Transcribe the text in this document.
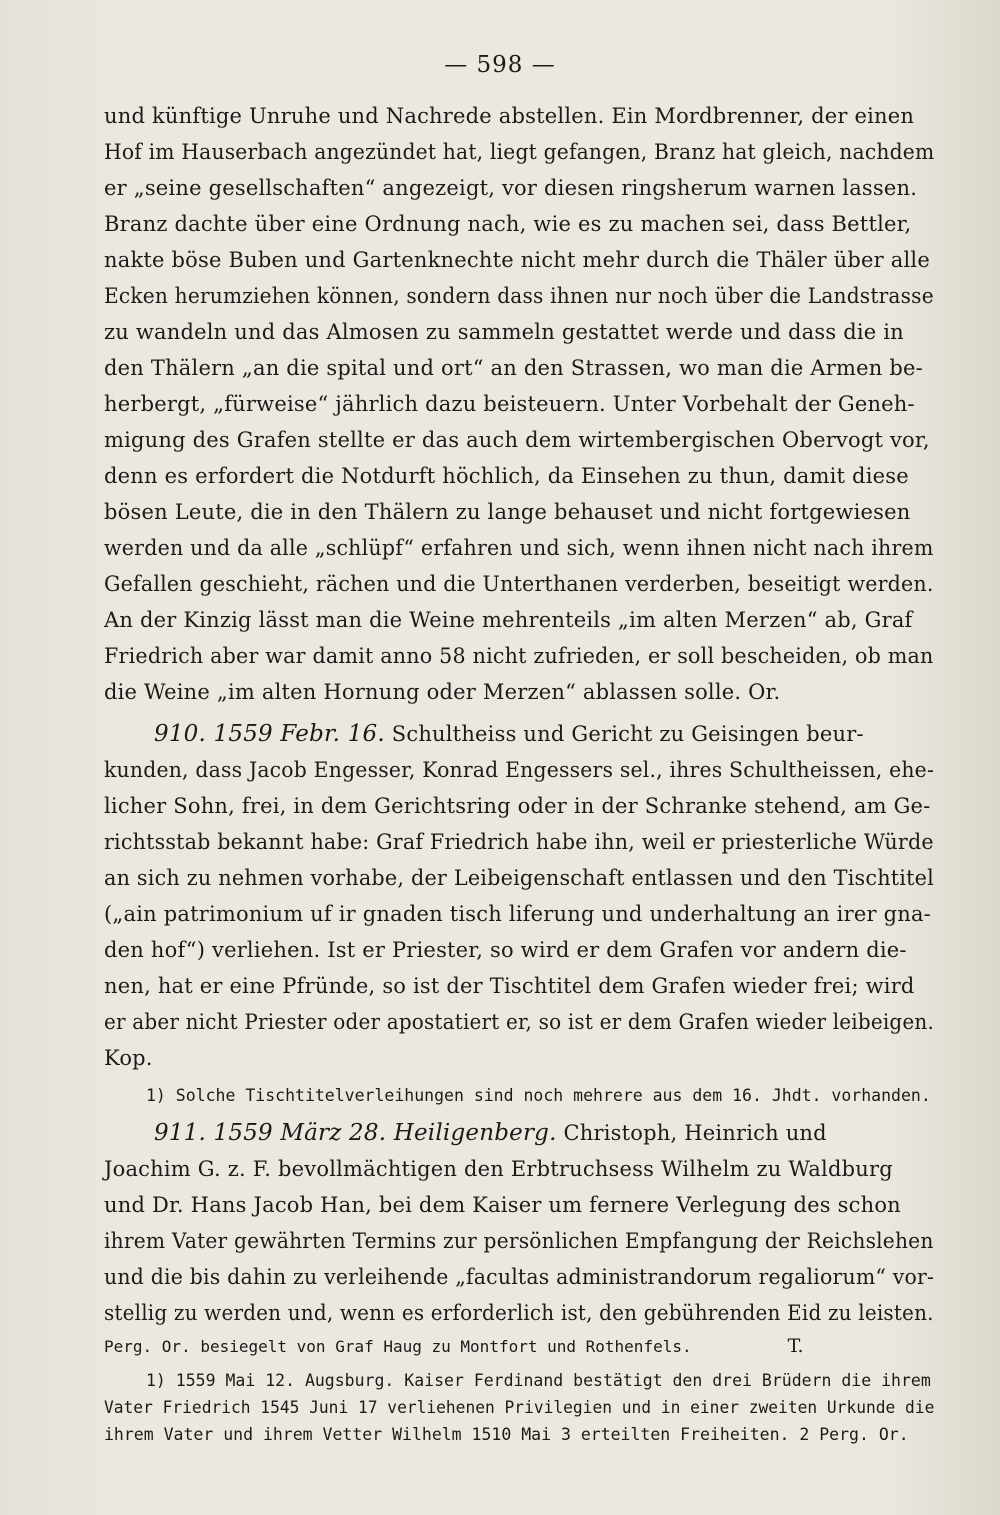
— 598 —
und künftige Unruhe und Nachrede abstellen. Ein Mordbrenner, der einen
Hof im Hauserbach angezündet hat, liegt gefangen, Branz hat gleich, nachdem
er „seine gesellschaften“ angezeigt, vor diesen ringsherum warnen lassen.
Branz dachte über eine Ordnung nach, wie es zu machen sei, dass Bettler,
nakte böse Buben und Gartenknechte nicht mehr durch die Thäler über alle
Ecken herumziehen können, sondern dass ihnen nur noch über die Landstrasse
zu wandeln und das Almosen zu sammeln gestattet werde und dass die in
den Thälern „an die spital und ort“ an den Strassen, wo man die Armen be-
herbergt, „fürweise“ jährlich dazu beisteuern. Unter Vorbehalt der Geneh-
migung des Grafen stellte er das auch dem wirtembergischen Obervogt vor,
denn es erfordert die Notdurft höchlich, da Einsehen zu thun, damit diese
bösen Leute, die in den Thälern zu lange behauset und nicht fortgewiesen
werden und da alle „schlüpf“ erfahren und sich, wenn ihnen nicht nach ihrem
Gefallen geschieht, rächen und die Unterthanen verderben, beseitigt werden.
An der Kinzig lässt man die Weine mehrenteils „im alten Merzen“ ab, Graf
Friedrich aber war damit anno 58 nicht zufrieden, er soll bescheiden, ob man
die Weine „im alten Hornung oder Merzen“ ablassen solle. Or.
910. 1559 Febr. 16. Schultheiss und Gericht zu Geisingen beur-
kunden, dass Jacob Engesser, Konrad Engessers sel., ihres Schultheissen, ehe-
licher Sohn, frei, in dem Gerichtsring oder in der Schranke stehend, am Ge-
richtsstab bekannt habe: Graf Friedrich habe ihn, weil er priesterliche Würde
an sich zu nehmen vorhabe, der Leibeigenschaft entlassen und den Tischtitel
(„ain patrimonium uf ir gnaden tisch liferung und underhaltung an irer gna-
den hof“) verliehen. Ist er Priester, so wird er dem Grafen vor andern die-
nen, hat er eine Pfründe, so ist der Tischtitel dem Grafen wieder frei; wird
er aber nicht Priester oder apostatiert er, so ist er dem Grafen wieder leibeigen.
Kop.
1) Solche Tischtitelverleihungen sind noch mehrere aus dem 16. Jhdt. vorhanden.
911. 1559 März 28. Heiligenberg. Christoph, Heinrich und
Joachim G. z. F. bevollmächtigen den Erbtruchsess Wilhelm zu Waldburg
und Dr. Hans Jacob Han, bei dem Kaiser um fernere Verlegung des schon
ihrem Vater gewährten Termins zur persönlichen Empfangung der Reichslehen
und die bis dahin zu verleihende „facultas administrandorum regaliorum“ vor-
stellig zu werden und, wenn es erforderlich ist, den gebührenden Eid zu leisten.
Perg. Or. besiegelt von Graf Haug zu Montfort und Rothenfels.	T.
1) 1559 Mai 12. Augsburg. Kaiser Ferdinand bestätigt den drei Brüdern die ihrem
Vater Friedrich 1545 Juni 17 verliehenen Privilegien und in einer zweiten Urkunde die
ihrem Vater und ihrem Vetter Wilhelm 1510 Mai 3 erteilten Freiheiten. 2 Perg. Or.
